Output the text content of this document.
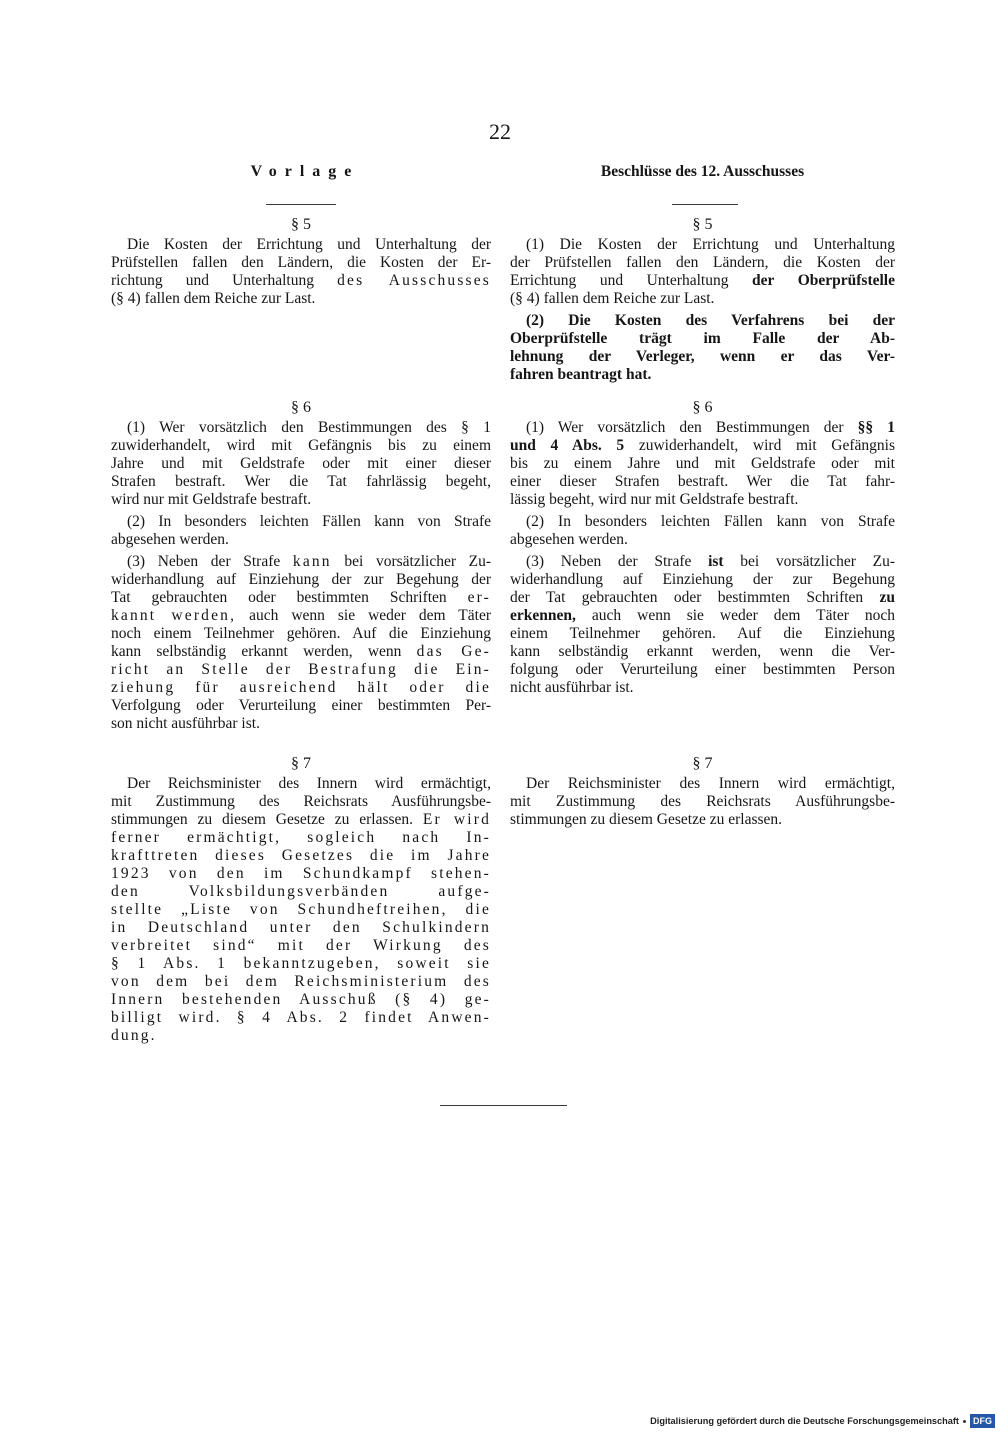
22
Vorlage	Beschlüsse des 12. Ausschusses
§ 5
Die Kosten der Errichtung und Unterhaltung der
Prüfstellen fallen den Ländern, die Kosten der Er-
richtung und Unterhaltung des Ausschusses
(§ 4) fallen dem Reiche zur Last.
§ 6
(1) Wer vorsätzlich den Bestimmungen des § 1
zuwiderhandelt, wird mit Gefängnis bis zu einem
Jahre und mit Geldstrafe oder mit einer dieser
Strafen bestraft. Wer die Tat fahrlässig begeht,
wird nur mit Geldstrafe bestraft.
(2) In besonders leichten Fällen kann von Strafe
abgesehen werden.
(3) Neben der Strafe kann bei vorsätzlicher Zu-
widerhandlung auf Einziehung der zur Begehung der
Tat gebrauchten oder bestimmten Schriften er-
kannt werden, auch wenn sie weder dem Täter
noch einem Teilnehmer gehören. Auf die Einziehung
kann selbständig erkannt werden, wenn das Ge-
richt an Stelle der Bestrafung die Ein-
ziehung für ausreichend hält oder die
Verfolgung oder Verurteilung einer bestimmten Per-
son nicht ausführbar ist.
§ 7
Der Reichsminister des Innern wird ermächtigt,
mit Zustimmung des Reichsrats Ausführungsbe-
stimmungen zu diesem Gesetze zu erlassen. Er wird
ferner ermächtigt, sogleich nach In-
krafttreten dieses Gesetzes die im Jahre
1923 von den im Schundkampf stehen-
den Volksbildungsverbänden aufge-
stellte „Liste von Schundheftreihen, die
in Deutschland unter den Schulkindern
verbreitet sind“ mit der Wirkung des
§ 1 Abs. 1 bekanntzugeben, soweit sie
von dem bei dem Reichsministerium des
Innern bestehenden Ausschuß (§ 4) ge-
billigt wird. § 4 Abs. 2 findet Anwen-
dung.
§ 5
(1) Die Kosten der Errichtung und Unterhaltung
der Prüfstellen fallen den Ländern, die Kosten der
Errichtung und Unterhaltung der Oberprüfstelle
(§ 4) fallen dem Reiche zur Last.
(2) Die Kosten des Verfahrens bei der
Oberprüfstelle trägt im Falle der Ab-
lehnung der Verleger, wenn er das Ver-
fahren beantragt hat.
§ 6
(1) Wer vorsätzlich den Bestimmungen der §§ 1
und 4 Abs. 5 zuwiderhandelt, wird mit Gefängnis
bis zu einem Jahre und mit Geldstrafe oder mit
einer dieser Strafen bestraft. Wer die Tat fahr-
lässig begeht, wird nur mit Geldstrafe bestraft.
(2) In besonders leichten Fällen kann von Strafe
abgesehen werden.
(3) Neben der Strafe ist bei vorsätzlicher Zu-
widerhandlung auf Einziehung der zur Begehung
der Tat gebrauchten oder bestimmten Schriften zu
erkennen, auch wenn sie weder dem Täter noch
einem Teilnehmer gehören. Auf die Einziehung
kann selbständig erkannt werden, wenn die Ver-
folgung oder Verurteilung einer bestimmten Person
nicht ausführbar ist.
§ 7
Der Reichsminister des Innern wird ermächtigt,
mit Zustimmung des Reichsrats Ausführungsbe-
stimmungen zu diesem Gesetze zu erlassen.
Digitalisierung gefördert durch die Deutsche Forschungsgemeinschaft	DFG
